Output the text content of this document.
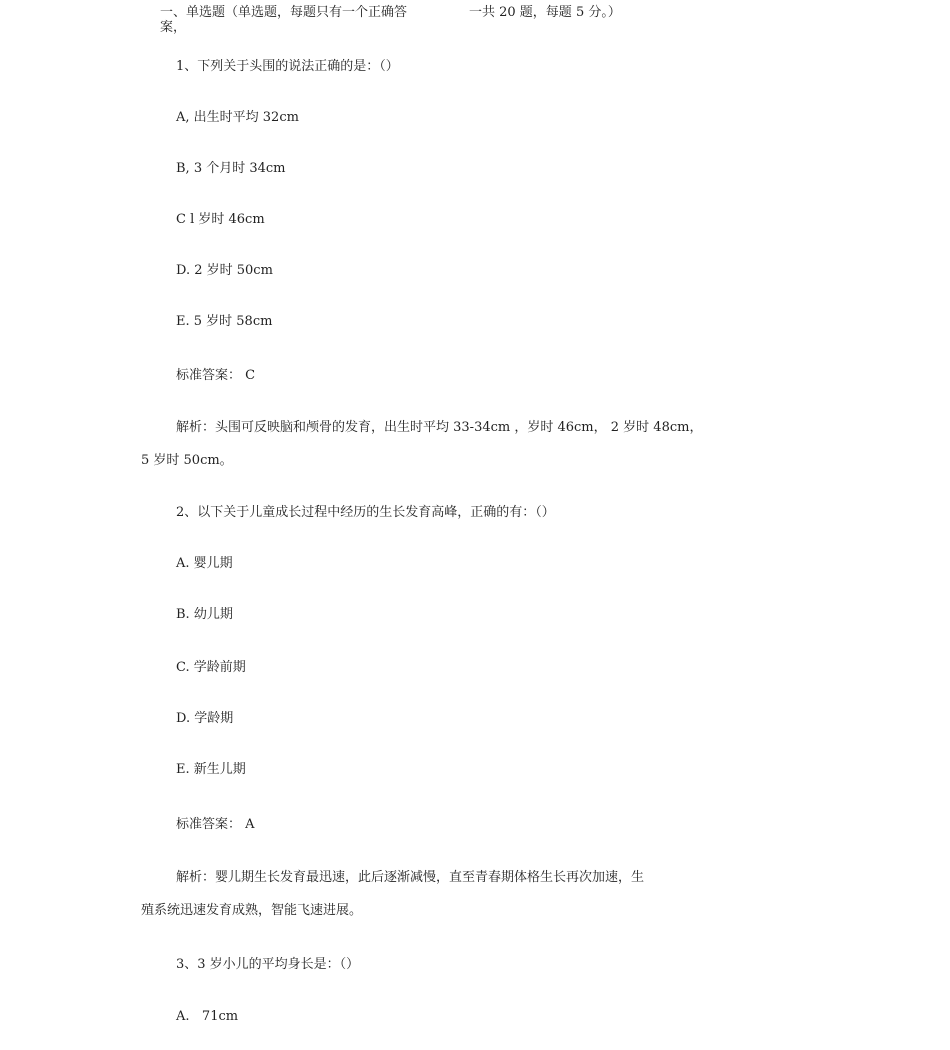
一、单选题（单选题，每题只有一个正确答	一共 20 题，每题 5 分。）
案，
1、下列关于头围的说法正确的是：（）
A, 出生时平均 32cm
B, 3 个月时 34cm
C l 岁时 46cm
D. 2 岁时 50cm
E. 5 岁时 58cm
标准答案： C
解析：头围可反映脑和颅骨的发育，出生时平均 33-34cm ，岁时 46cm， 2 岁时 48cm，
5 岁时 50cm。
2、以下关于儿童成长过程中经历的生长发育高峰，正确的有：（）
A. 婴儿期
B. 幼儿期
C. 学龄前期
D. 学龄期
E. 新生儿期
标准答案： A
解析：婴儿期生长发育最迅速，此后逐渐减慢，直至青春期体格生长再次加速，生
殖系统迅速发育成熟，智能飞速进展。
3、3 岁小儿的平均身长是：（）
A.   71cm
